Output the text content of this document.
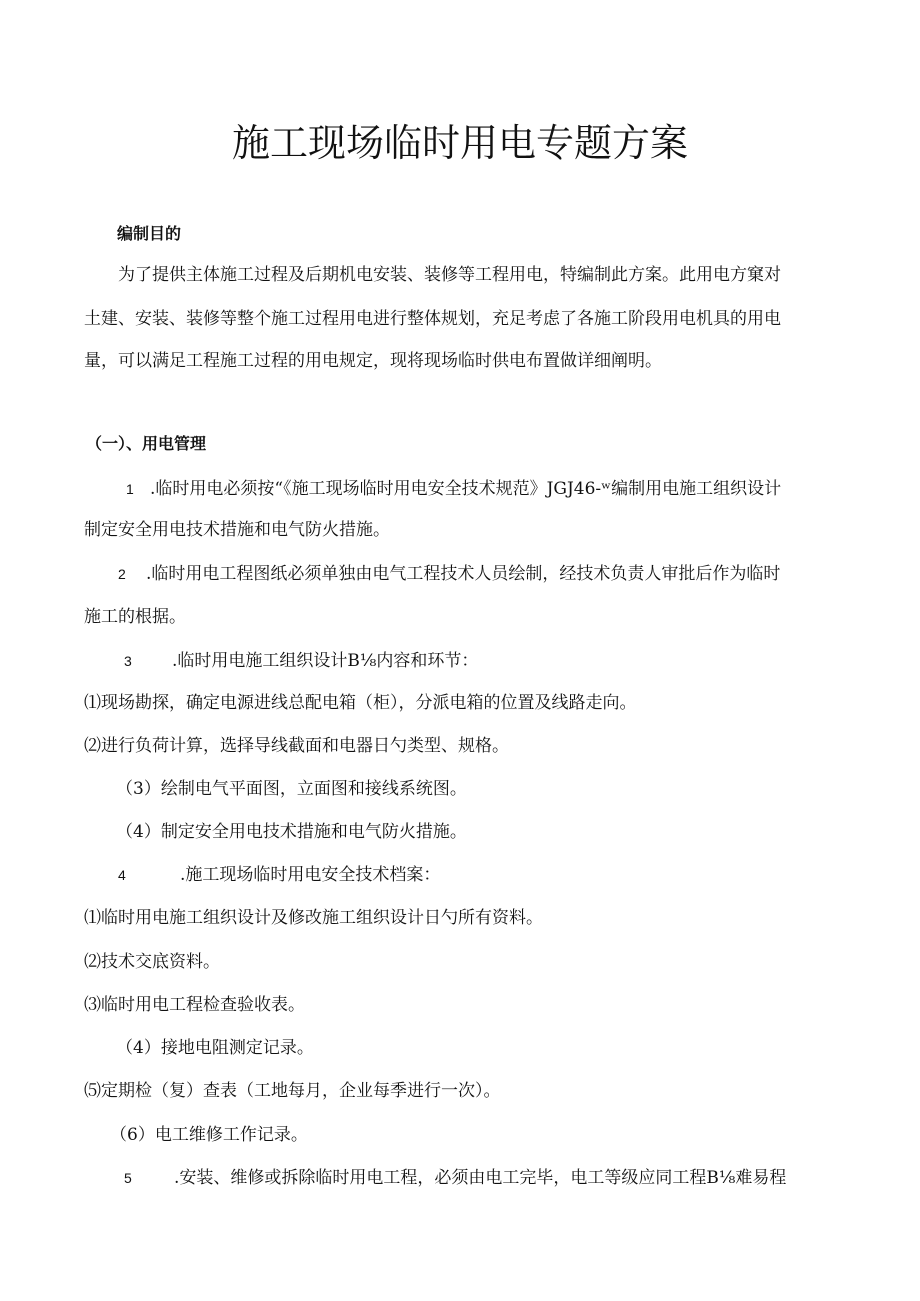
施工现场临时用电专题方案
编制目的
为了提供主体施工过程及后期机电安装、装修等工程用电，特编制此方案。此用电方窠对
土建、安装、装修等整个施工过程用电进行整体规划，充足考虑了各施工阶段用电机具的用电
量，可以满足工程施工过程的用电规定，现将现场临时供电布置做详细阐明。
（一）、用电管理
1 .临时用电必须按“《施工现场临时用电安全技术规范》JGJ46-ʷ编制用电施工组织设计
制定安全用电技术措施和电气防火措施。
2 .临时用电工程图纸必须单独由电气工程技术人员绘制，经技术负责人审批后作为临时
施工的根据。
3 .临时用电施工组织设计B⅛内容和环节：
⑴现场勘探，确定电源进线总配电箱（柜），分派电箱的位置及线路走向。
⑵进行负荷计算，选择导线截面和电器日勺类型、规格。
（3）绘制电气平面图，立面图和接线系统图。
（4）制定安全用电技术措施和电气防火措施。
4	.施工现场临时用电安全技术档案：
⑴临时用电施工组织设计及修改施工组织设计日勺所有资料。
⑵技术交底资料。
⑶临时用电工程检查验收表。
（4）接地电阻测定记录。
⑸定期检（复）查表（工地每月，企业每季进行一次）。
（6）电工维修工作记录。
5 .安装、维修或拆除临时用电工程，必须由电工完毕，电工等级应同工程B⅛难易程
